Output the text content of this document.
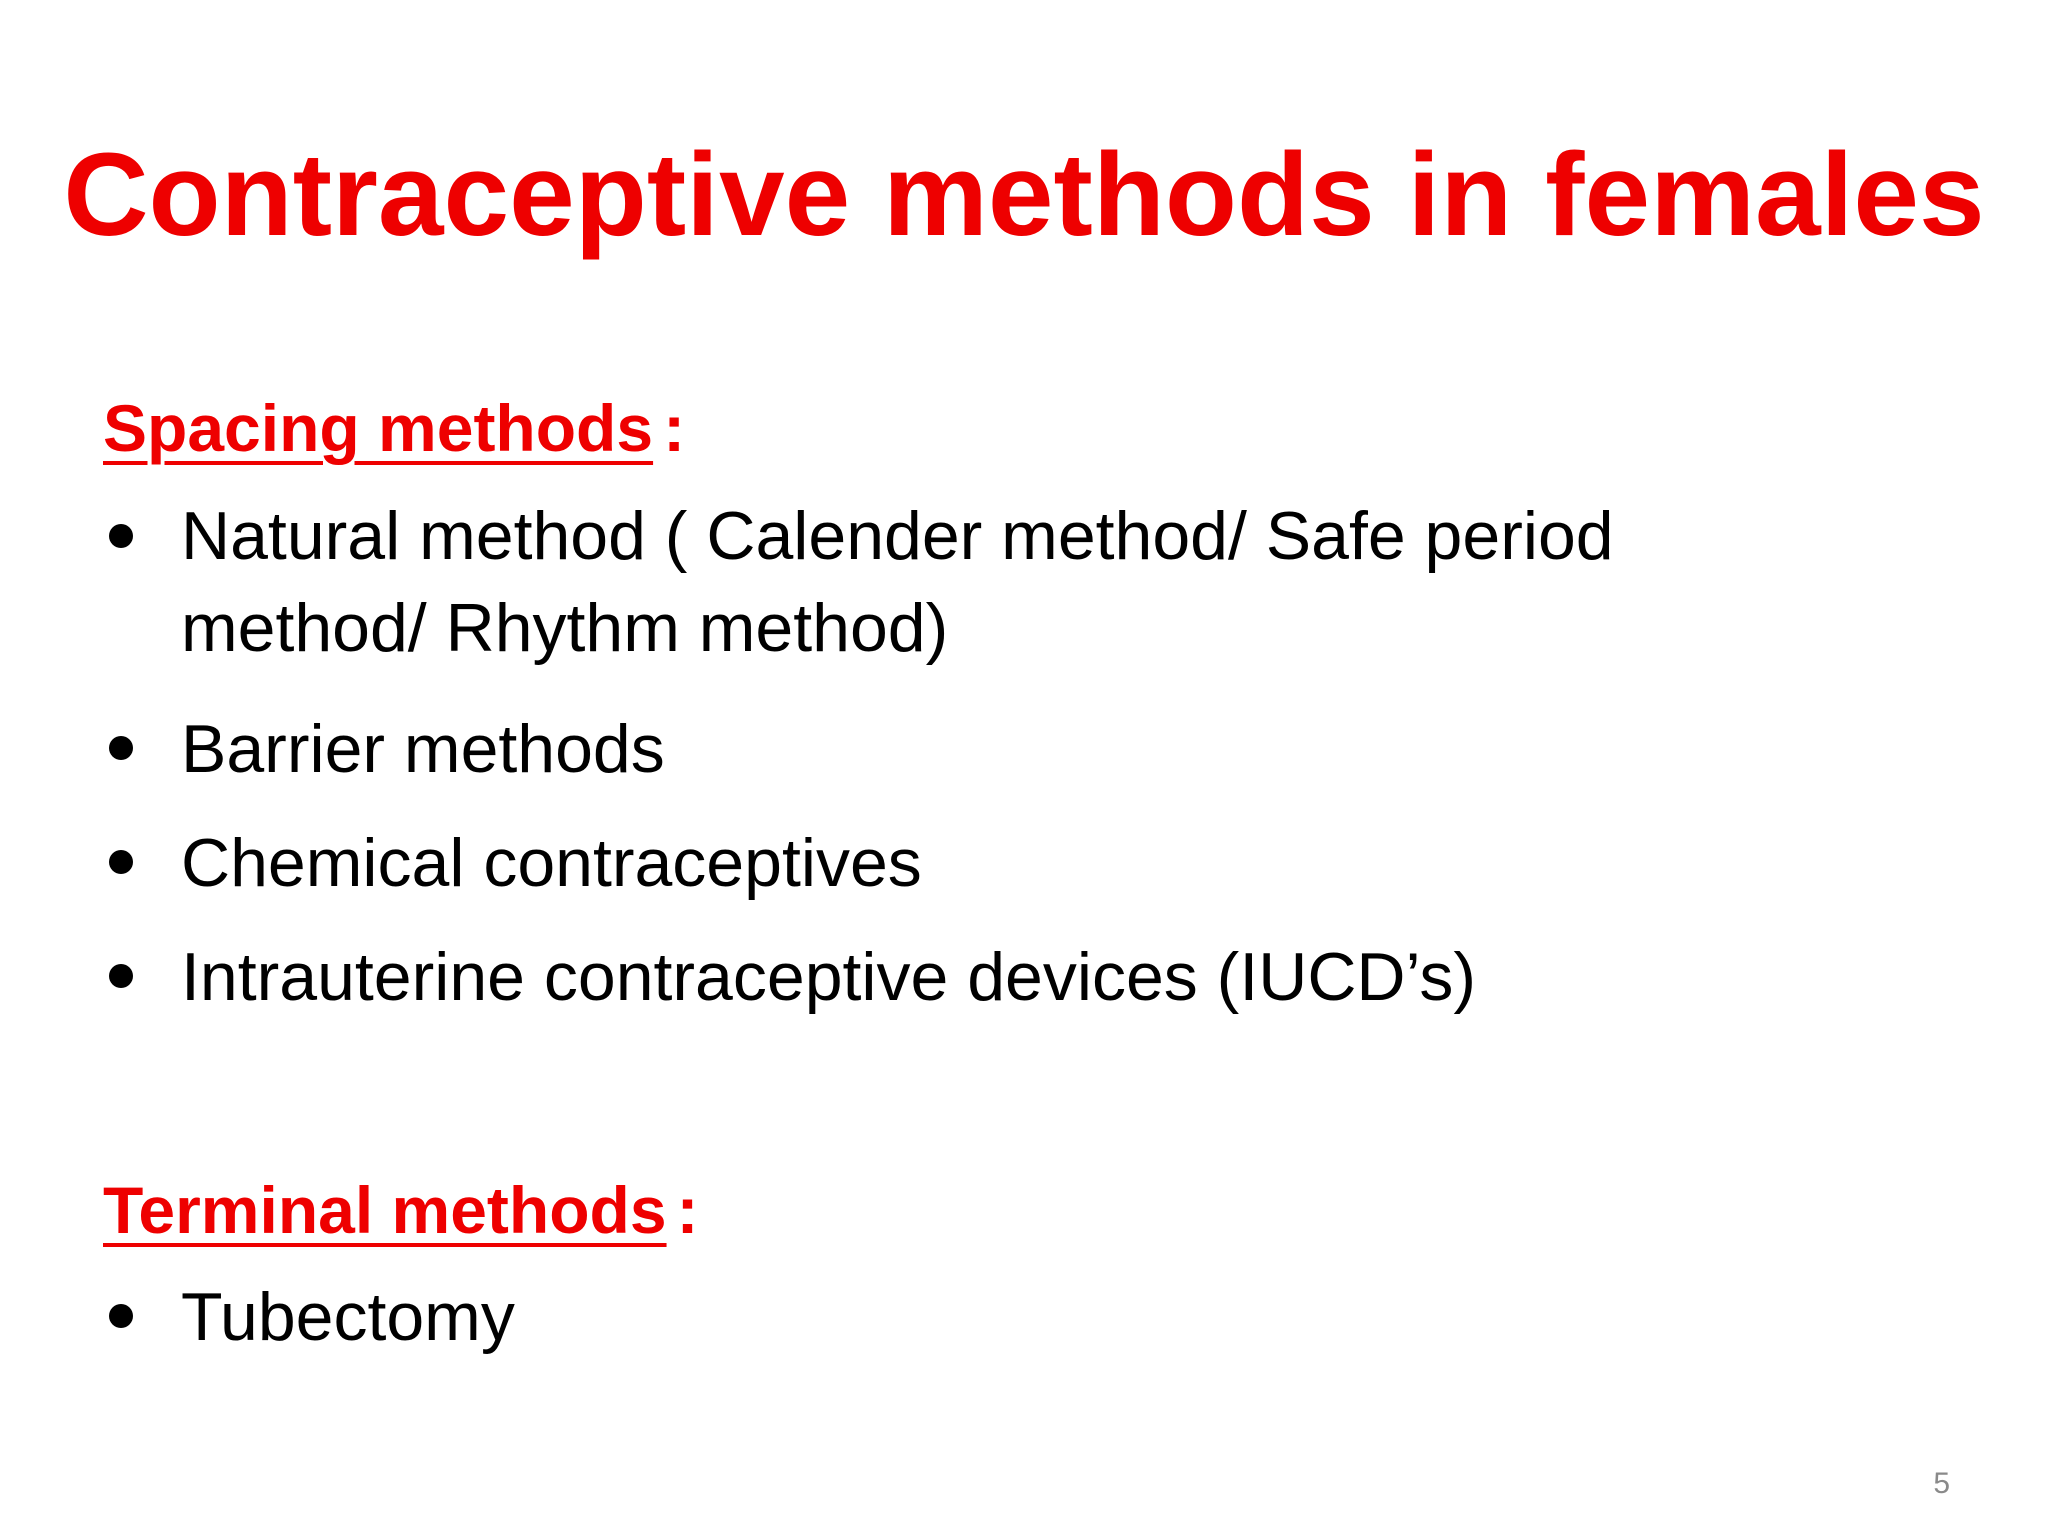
Contraceptive methods in females
Spacing methods :
Natural method ( Calender method/ Safe period method/ Rhythm method)
Barrier methods
Chemical contraceptives
Intrauterine contraceptive devices (IUCD’s)
Terminal methods :
Tubectomy
5
